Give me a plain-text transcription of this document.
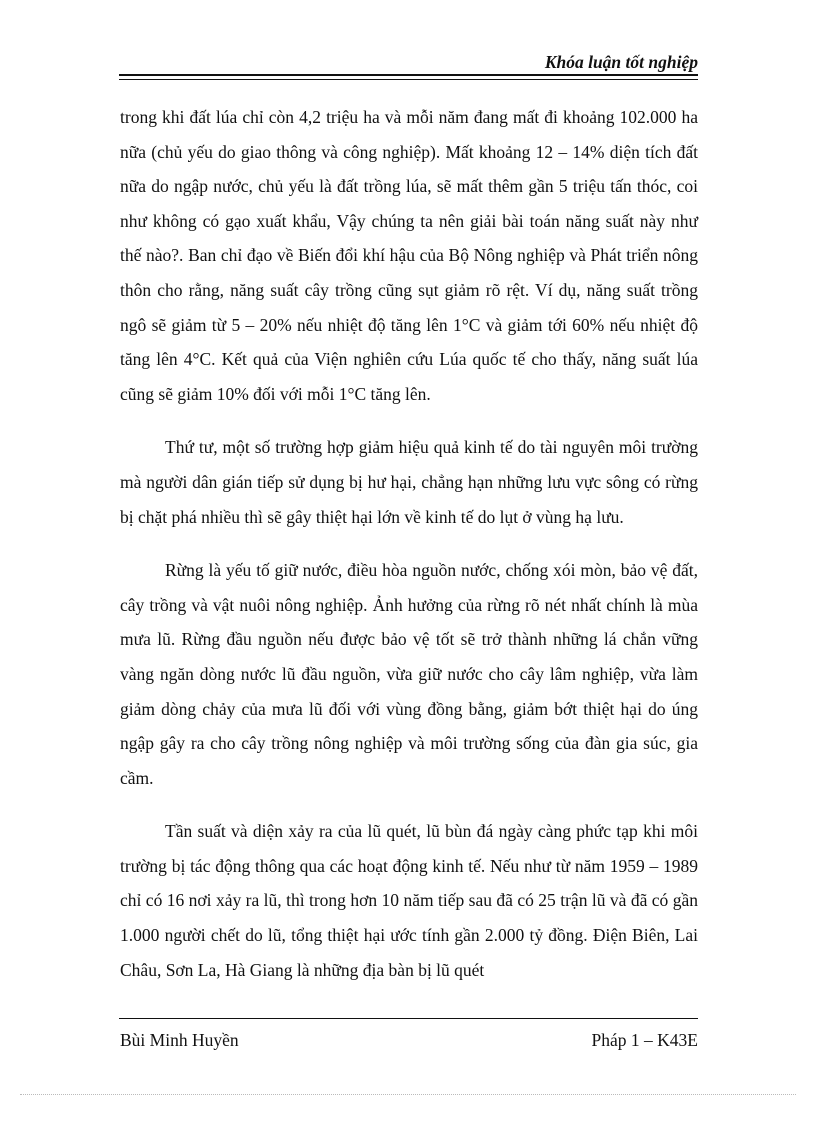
Khóa luận tốt nghiệp

trong khi đất lúa chỉ còn 4,2 triệu ha và mỗi năm đang mất đi khoảng 102.000 ha nữa (chủ yếu do giao thông và công nghiệp). Mất khoảng 12 – 14% diện tích đất nữa do ngập nước, chủ yếu là đất trồng lúa, sẽ mất thêm gần 5 triệu tấn thóc, coi như không có gạo xuất khẩu, Vậy chúng ta nên giải bài toán năng suất này như thế nào?. Ban chỉ đạo về Biến đổi khí hậu của Bộ Nông nghiệp và Phát triển nông thôn cho rằng, năng suất cây trồng cũng sụt giảm rõ rệt. Ví dụ, năng suất trồng ngô sẽ giảm từ 5 – 20% nếu nhiệt độ tăng lên 1°C và giảm tới 60% nếu nhiệt độ tăng lên 4°C. Kết quả của Viện nghiên cứu Lúa quốc tế cho thấy, năng suất lúa cũng sẽ giảm 10% đối với mỗi 1°C tăng lên.

Thứ tư, một số trường hợp giảm hiệu quả kinh tế do tài nguyên môi trường mà người dân gián tiếp sử dụng bị hư hại, chẳng hạn những lưu vực sông có rừng bị chặt phá nhiều thì sẽ gây thiệt hại lớn về kinh tế do lụt ở vùng hạ lưu.

Rừng là yếu tố giữ nước, điều hòa nguồn nước, chống xói mòn, bảo vệ đất, cây trồng và vật nuôi nông nghiệp. Ảnh hưởng của rừng rõ nét nhất chính là mùa mưa lũ. Rừng đầu nguồn nếu được bảo vệ tốt sẽ trở thành những lá chắn vững vàng ngăn dòng nước lũ đầu nguồn, vừa giữ nước cho cây lâm nghiệp, vừa làm giảm dòng chảy của mưa lũ đối với vùng đồng bằng, giảm bớt thiệt hại do úng ngập gây ra cho cây trồng nông nghiệp và môi trường sống của đàn gia súc, gia cầm.

Tần suất và diện xảy ra của lũ quét, lũ bùn đá ngày càng phức tạp khi môi trường bị tác động thông qua các hoạt động kinh tế. Nếu như từ năm 1959 – 1989 chỉ có 16 nơi xảy ra lũ, thì trong hơn 10 năm tiếp sau đã có 25 trận lũ và đã có gần 1.000 người chết do lũ, tổng thiệt hại ước tính gần 2.000 tỷ đồng. Điện Biên, Lai Châu, Sơn La, Hà Giang là những địa bàn bị lũ quét

Bùi Minh Huyền	Pháp 1 – K43E
